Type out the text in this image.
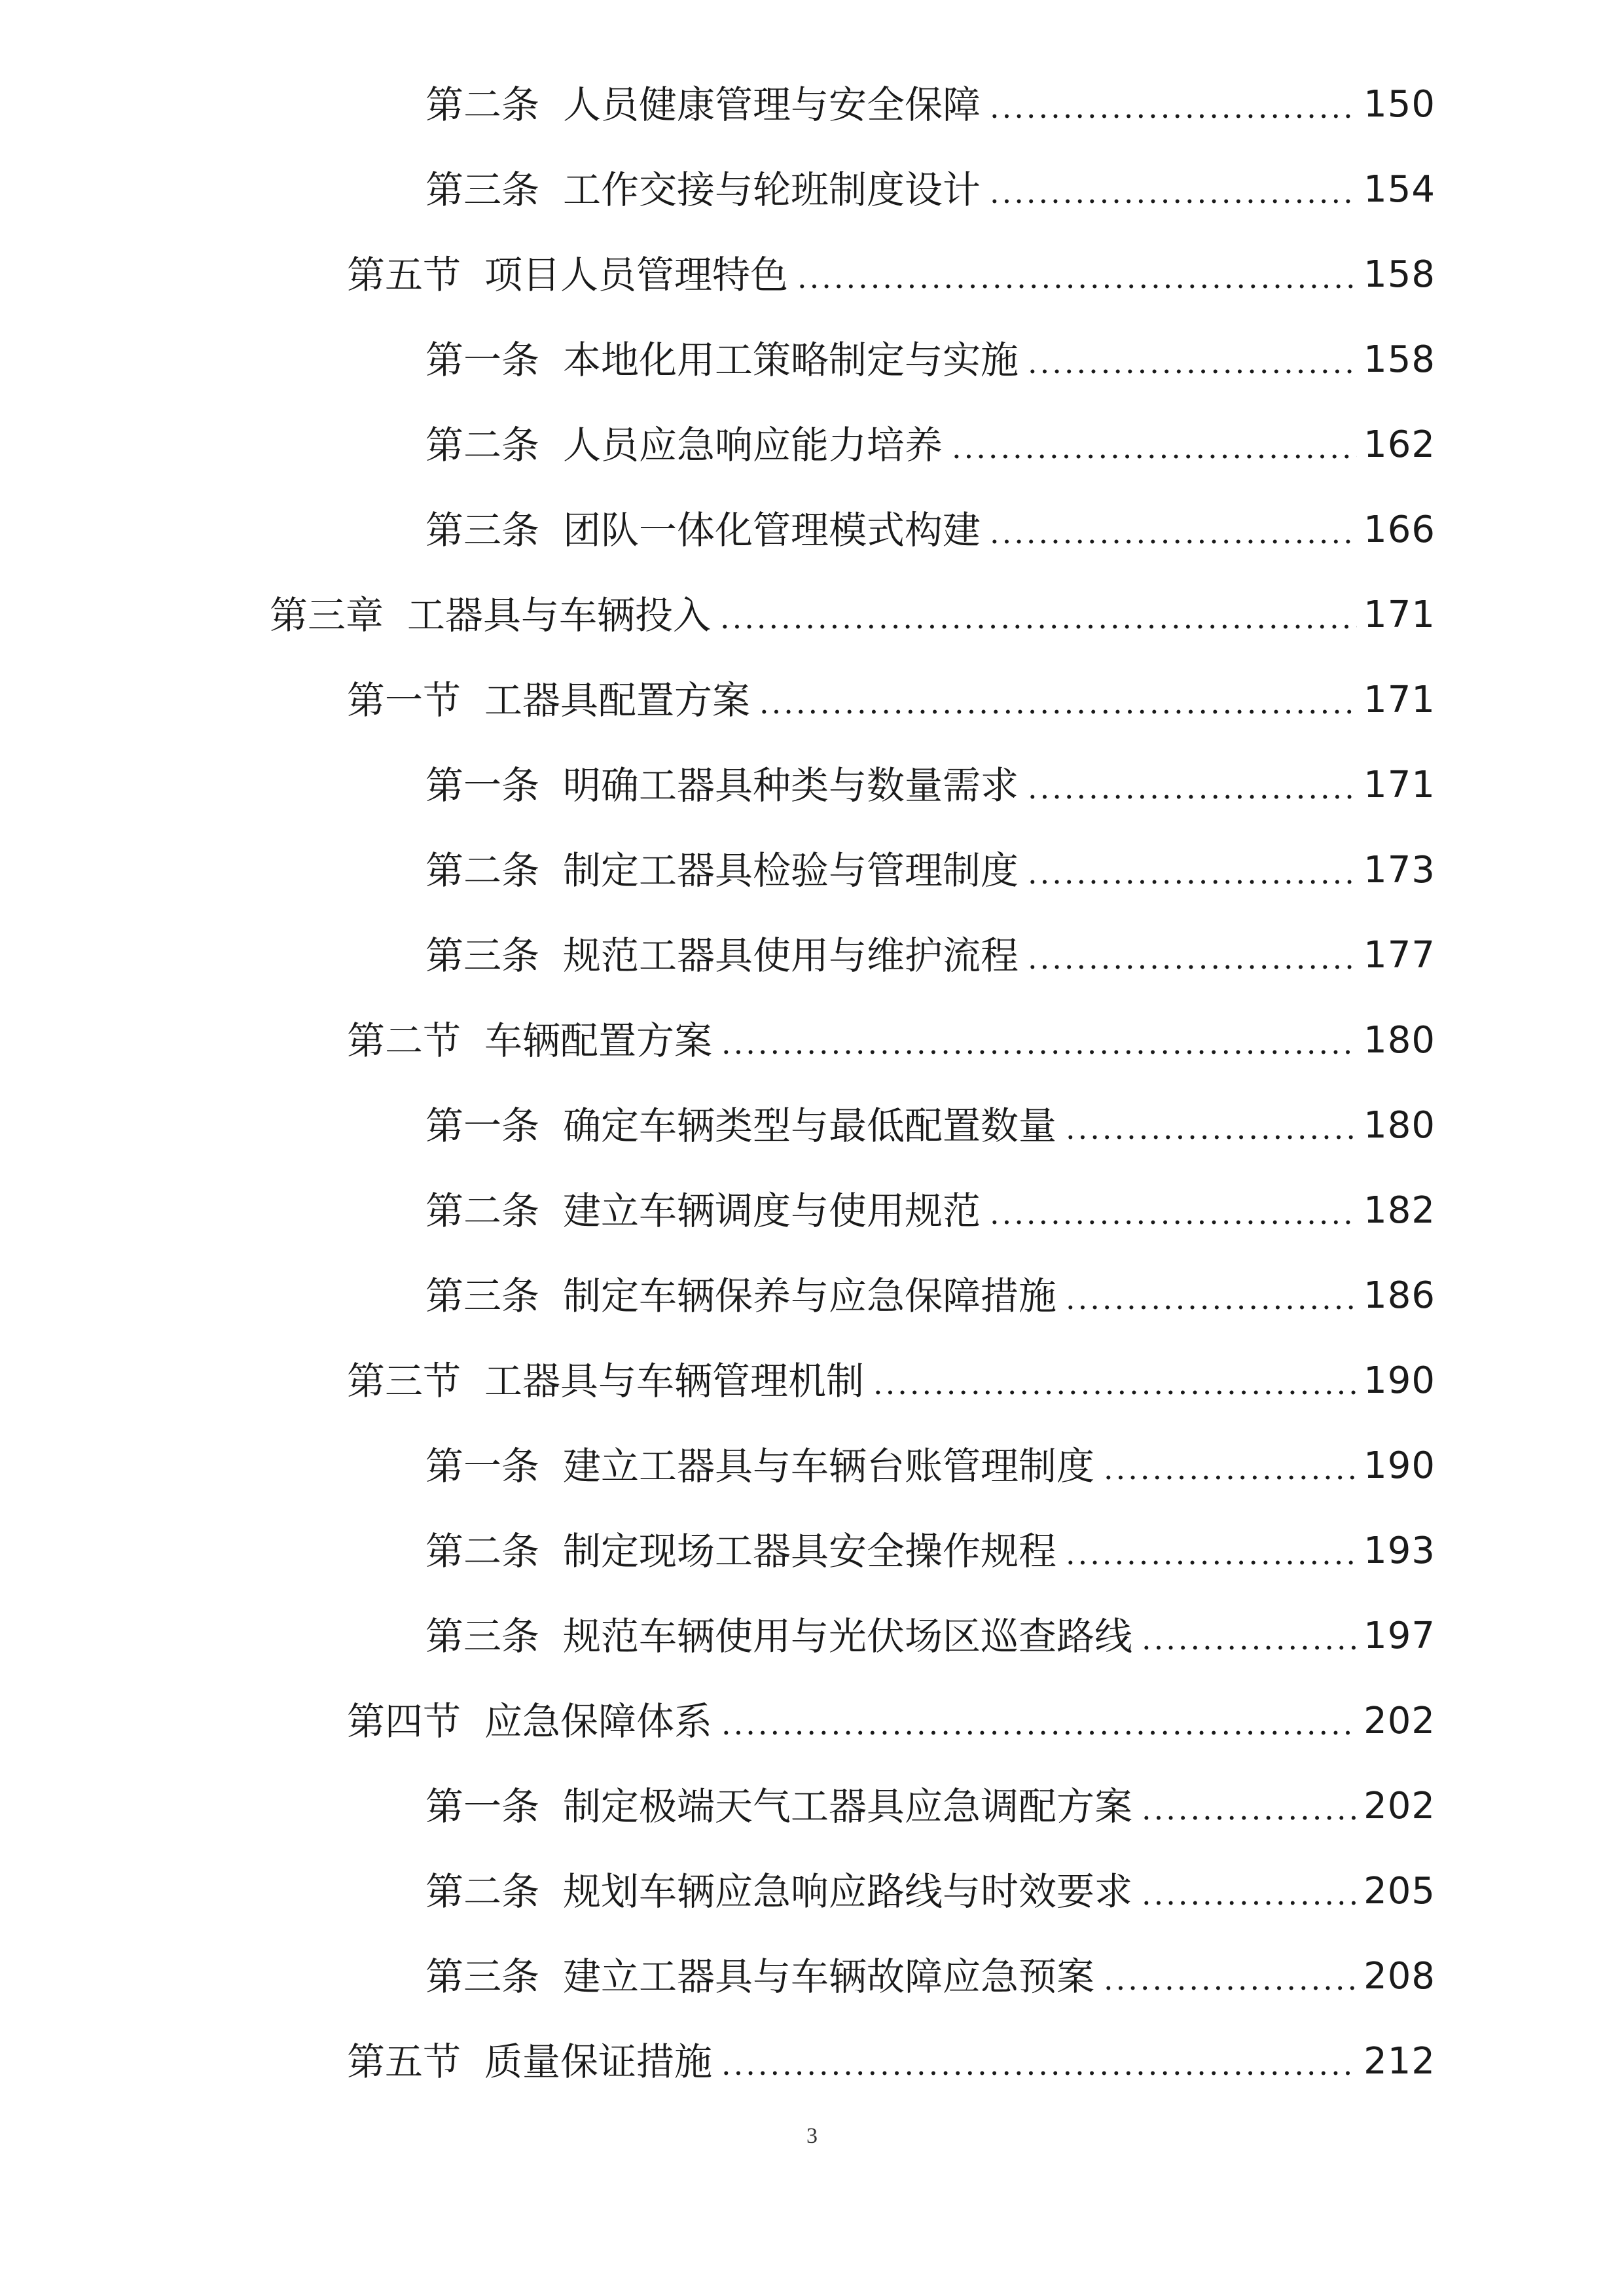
第二条 人员健康管理与安全保障 .....	150
第三条 工作交接与轮班制度设计 .....	154
第五节 项目人员管理特色 .....	158
第一条 本地化用工策略制定与实施 .....	158
第二条 人员应急响应能力培养 .....	162
第三条 团队一体化管理模式构建 .....	166
第三章 工器具与车辆投入 .....	171
第一节 工器具配置方案 .....	171
第一条 明确工器具种类与数量需求 .....	171
第二条 制定工器具检验与管理制度 .....	173
第三条 规范工器具使用与维护流程 .....	177
第二节 车辆配置方案 .....	180
第一条 确定车辆类型与最低配置数量 .....	180
第二条 建立车辆调度与使用规范 .....	182
第三条 制定车辆保养与应急保障措施 .....	186
第三节 工器具与车辆管理机制 .....	190
第一条 建立工器具与车辆台账管理制度 .....	190
第二条 制定现场工器具安全操作规程 .....	193
第三条 规范车辆使用与光伏场区巡查路线 .....	197
第四节 应急保障体系 .....	202
第一条 制定极端天气工器具应急调配方案 .....	202
第二条 规划车辆应急响应路线与时效要求 .....	205
第三条 建立工器具与车辆故障应急预案 .....	208
第五节 质量保证措施 .....	212
3
